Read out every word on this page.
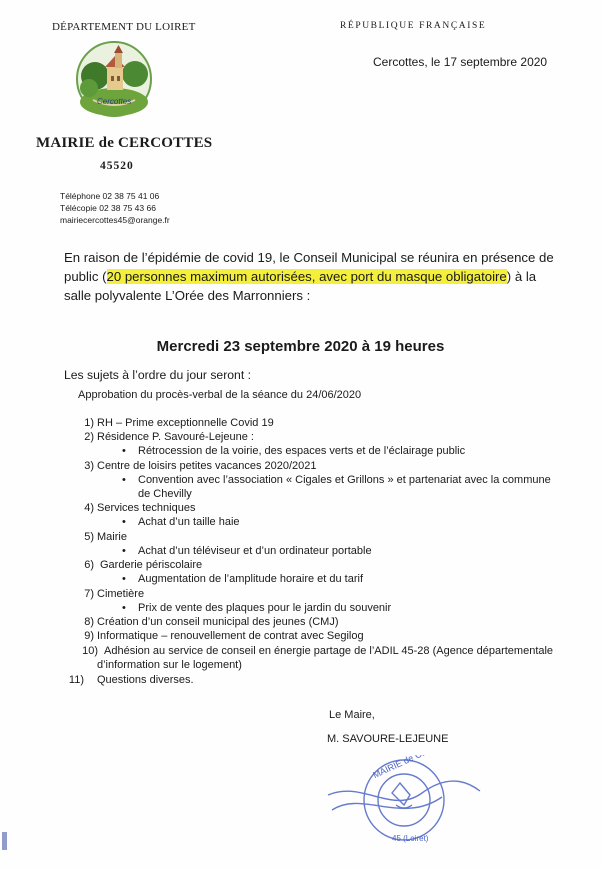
DÉPARTEMENT DU LOIRET	RÉPUBLIQUE FRANÇAISE
Cercottes, le 17 septembre 2020
Cercottes
MAIRIE de CERCOTTES
45520
Téléphone 02 38 75 41 06
Télécopie 02 38 75 43 66
mairiecercottes45@orange.fr
En raison de l’épidémie de covid 19, le Conseil Municipal se réunira en présence de public (20 personnes maximum autorisées, avec port du masque obligatoire) à la salle polyvalente L’Orée des Marronniers :
Mercredi 23 septembre 2020 à 19 heures
Les sujets à l’ordre du jour seront :
Approbation du procès-verbal de la séance du 24/06/2020
1) RH – Prime exceptionnelle Covid 19
2) Résidence P. Savouré-Lejeune :
• Rétrocession de la voirie, des espaces verts et de l’éclairage public
3) Centre de loisirs petites vacances 2020/2021
• Convention avec l’association « Cigales et Grillons » et partenariat avec la commune
de Chevilly
4) Services techniques
• Achat d’un taille haie
5) Mairie
• Achat d’un téléviseur et d’un ordinateur portable
6) Garderie périscolaire
• Augmentation de l’amplitude horaire et du tarif
7) Cimetière
• Prix de vente des plaques pour le jardin du souvenir
8) Création d’un conseil municipal des jeunes (CMJ)
9) Informatique – renouvellement de contrat avec Segilog
10) Adhésion au service de conseil en énergie partage de l’ADIL 45-28 (Agence départementale
d’information sur le logement)
11) Questions diverses.
Le Maire,
M. SAVOURE-LEJEUNE
45 (Loiret)
